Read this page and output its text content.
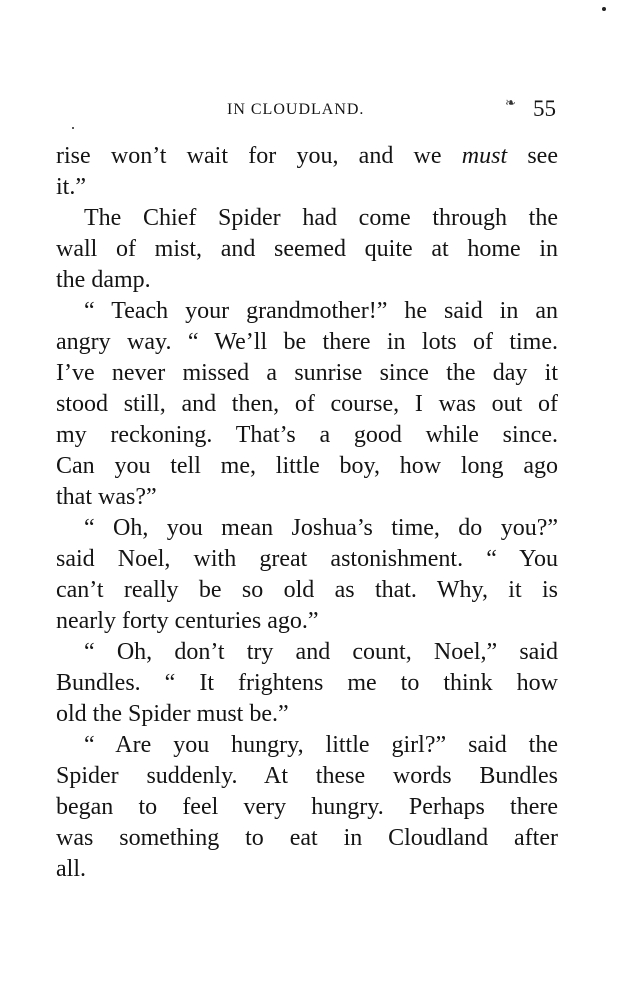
IN CLOUDLAND.	❧ 55
rise won’t wait for you, and we must see
it.”
The Chief Spider had come through the
wall of mist, and seemed quite at home in
the damp.
“ Teach your grandmother!” he said in an
angry way. “ We’ll be there in lots of time.
I’ve never missed a sunrise since the day it
stood still, and then, of course, I was out of
my reckoning. That’s a good while since.
Can you tell me, little boy, how long ago
that was?”
“ Oh, you mean Joshua’s time, do you?”
said Noel, with great astonishment. “ You
can’t really be so old as that. Why, it is
nearly forty centuries ago.”
“ Oh, don’t try and count, Noel,” said
Bundles. “ It frightens me to think how
old the Spider must be.”
“ Are you hungry, little girl?” said the
Spider suddenly. At these words Bundles
began to feel very hungry. Perhaps there
was something to eat in Cloudland after
all.
